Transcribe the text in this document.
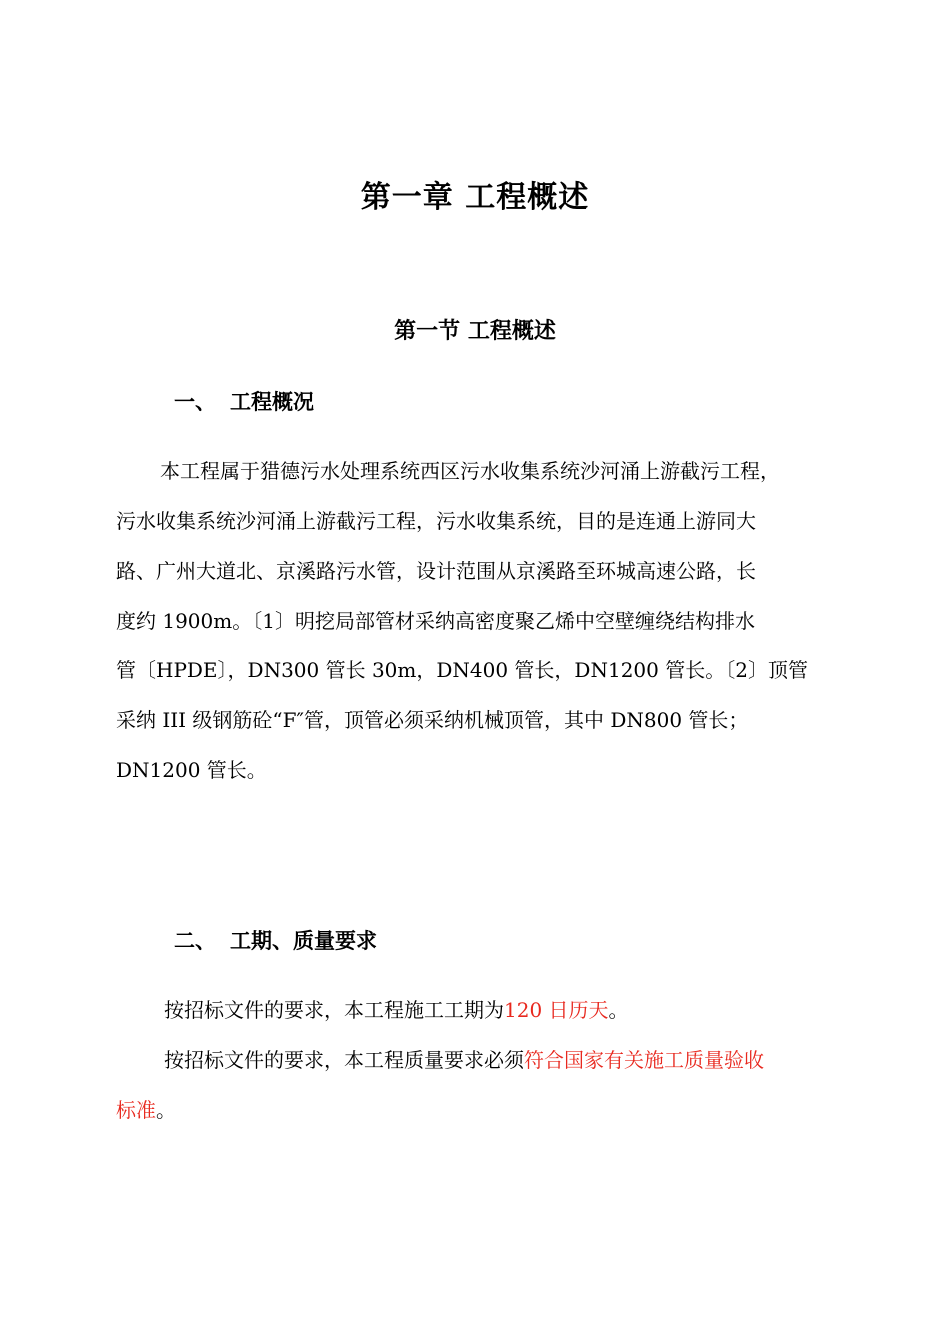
第一章 工程概述
第一节 工程概述
一、 工程概况
本工程属于猎德污水处理系统西区污水收集系统沙河涌上游截污工程，
污水收集系统沙河涌上游截污工程，污水收集系统，目的是连通上游同大
路、广州大道北、京溪路污水管，设计范围从京溪路至环城高速公路，长
度约 1900m。〔1〕明挖局部管材采纳高密度聚乙烯中空壁缠绕结构排水
管〔HPDE〕，DN300 管长 30m，DN400 管长，DN1200 管长。〔2〕顶管
采纳 III 级钢筋砼“F″管，顶管必须采纳机械顶管，其中 DN800 管长；
DN1200 管长。
二、 工期、质量要求
按招标文件的要求，本工程施工工期为120 日历天。
按招标文件的要求，本工程质量要求必须符合国家有关施工质量验收
标准。
